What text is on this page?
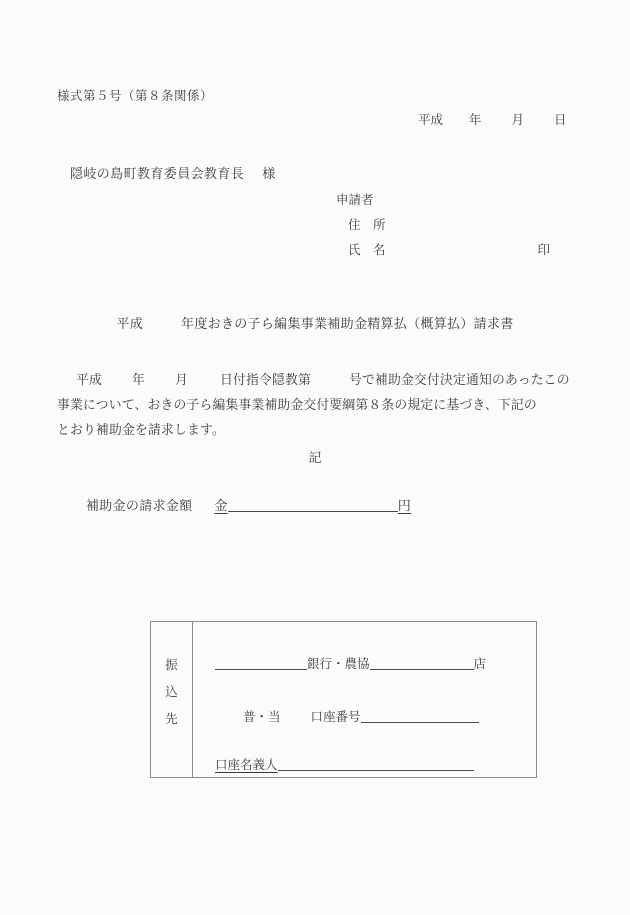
様式第５号（第８条関係）
平成 年 月 日
隠岐の島町教育委員会教育長 様
申請者
住　所
氏　名	印
平成	年度おきの子ら編集事業補助金精算払（概算払）請求書
平成 年 月	日付指令隠教第	号で補助金交付決定通知のあったこの
事業について、おきの子ら編集事業補助金交付要綱第８条の規定に基づき、下記の
とおり補助金を請求します。
記
補助金の請求金額 金	円
振
込
先
銀行・農協	店
普・当 口座番号
口座名義人
